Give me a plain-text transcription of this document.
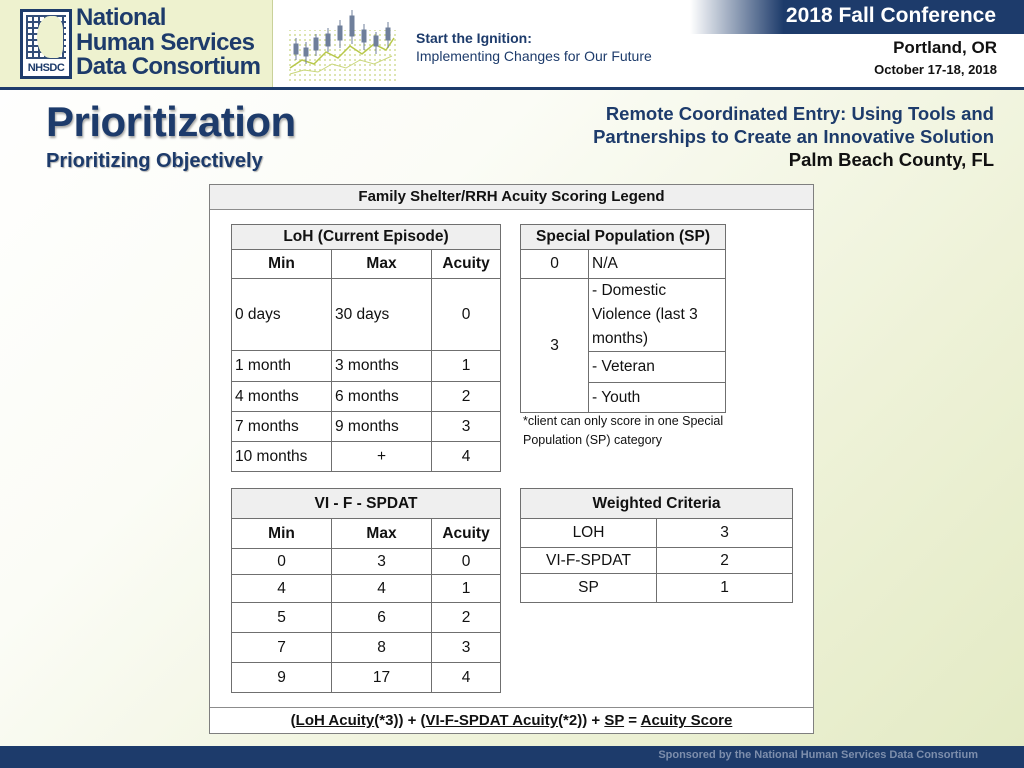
NHSDC
National
Human Services
Data Consortium
Start the Ignition:
Implementing Changes for Our Future
2018 Fall Conference
Portland, OR
October 17-18, 2018
Prioritization
Prioritizing Objectively
Remote Coordinated Entry: Using Tools and
Partnerships to Create an Innovative Solution
Palm Beach County, FL
Family Shelter/RRH Acuity Scoring Legend
LoH (Current Episode)		
Min	Max	Acuity
0 days	30 days	0
1 month	3 months	1
4 months	6 months	2
7 months	9 months	3
10 months	+	4
Special Population (SP)	
0	N/A
3	- Domestic Violence (last 3 months)
	- Veteran
	- Youth
*client can only score in one Special Population (SP) category
VI - F - SPDAT		
Min	Max	Acuity
0	3	0
4	4	1
5	6	2
7	8	3
9	17	4
Weighted Criteria	
LOH	3
VI-F-SPDAT	2
SP	1
(LoH Acuity(*3)) + (VI-F-SPDAT Acuity(*2)) + SP = Acuity Score
Sponsored by the National Human Services Data Consortium
